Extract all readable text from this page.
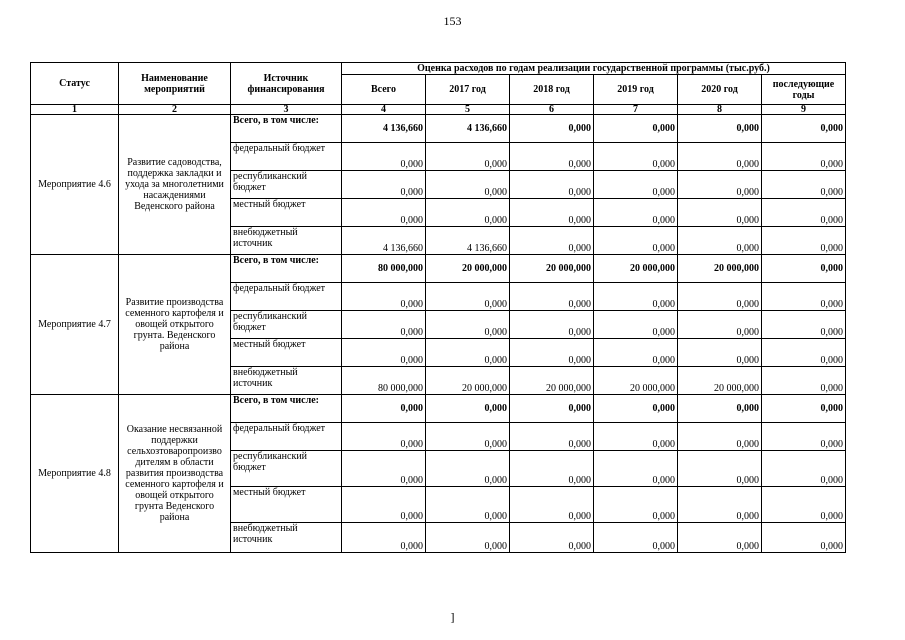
153
Статус	Наименование мероприятий	Источник финансирования	Оценка расходов по годам реализации государственной программы (тыс.руб.)					
			Всего	2017 год	2018 год	2019 год	2020 год	последующие годы
1	2	3	4	5	6	7	8	9
Мероприятие 4.6	Развитие садоводства, поддержка закладки и ухода за многолетними насаждениями Веденского района	Всего, в том числе:	4 136,660	4 136,660	0,000	0,000	0,000	0,000
		федеральный бюджет	0,000	0,000	0,000	0,000	0,000	0,000
		республиканский бюджет	0,000	0,000	0,000	0,000	0,000	0,000
		местный бюджет	0,000	0,000	0,000	0,000	0,000	0,000
		внебюджетный источник	4 136,660	4 136,660	0,000	0,000	0,000	0,000
Мероприятие 4.7	Развитие производства семенного картофеля и овощей открытого грунта. Веденского района	Всего, в том числе:	80 000,000	20 000,000	20 000,000	20 000,000	20 000,000	0,000
		федеральный бюджет	0,000	0,000	0,000	0,000	0,000	0,000
		республиканский бюджет	0,000	0,000	0,000	0,000	0,000	0,000
		местный бюджет	0,000	0,000	0,000	0,000	0,000	0,000
		внебюджетный источник	80 000,000	20 000,000	20 000,000	20 000,000	20 000,000	0,000
Мероприятие 4.8	Оказание несвязанной поддержки сельхозтоваропроизво дителям в области развития производства семенного картофеля и овощей открытого грунта Веденского района	Всего, в том числе:	0,000	0,000	0,000	0,000	0,000	0,000
		федеральный бюджет	0,000	0,000	0,000	0,000	0,000	0,000
		республиканский бюджет	0,000	0,000	0,000	0,000	0,000	0,000
		местный бюджет	0,000	0,000	0,000	0,000	0,000	0,000
		внебюджетный источник	0,000	0,000	0,000	0,000	0,000	0,000
]
